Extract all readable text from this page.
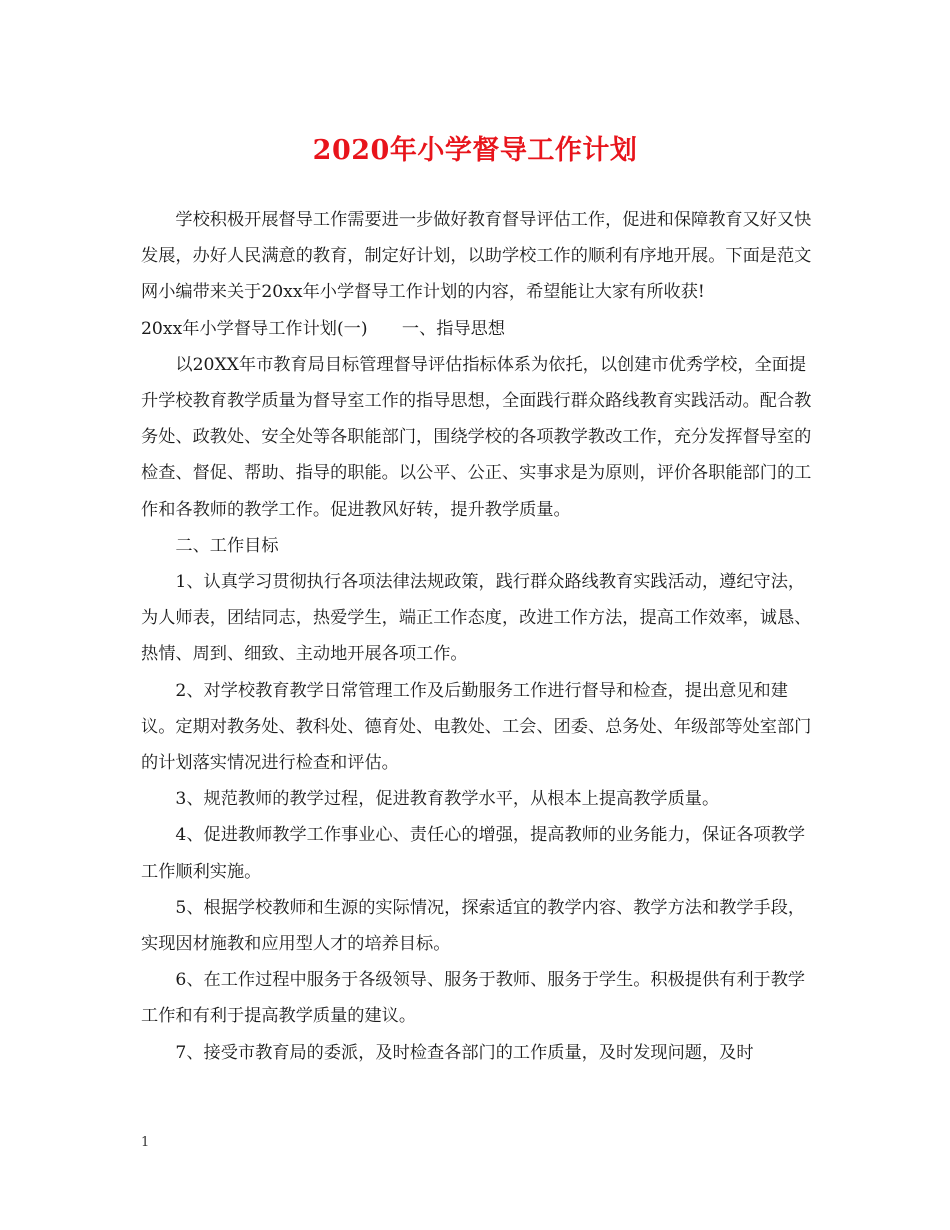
2020年小学督导工作计划

学校积极开展督导工作需要进一步做好教育督导评估工作，促进和保障教育又好又快发展，办好人民满意的教育，制定好计划，以助学校工作的顺利有序地开展。下面是范文网小编带来关于20xx年小学督导工作计划的内容，希望能让大家有所收获!

20xx年小学督导工作计划(一)　　一、指导思想

以20XX年市教育局目标管理督导评估指标体系为依托，以创建市优秀学校，全面提升学校教育教学质量为督导室工作的指导思想，全面践行群众路线教育实践活动。配合教务处、政教处、安全处等各职能部门，围绕学校的各项教学教改工作，充分发挥督导室的检查、督促、帮助、指导的职能。以公平、公正、实事求是为原则，评价各职能部门的工作和各教师的教学工作。促进教风好转，提升教学质量。

二、工作目标

1、认真学习贯彻执行各项法律法规政策，践行群众路线教育实践活动，遵纪守法，为人师表，团结同志，热爱学生，端正工作态度，改进工作方法，提高工作效率，诚恳、热情、周到、细致、主动地开展各项工作。

2、对学校教育教学日常管理工作及后勤服务工作进行督导和检查，提出意见和建议。定期对教务处、教科处、德育处、电教处、工会、团委、总务处、年级部等处室部门的计划落实情况进行检查和评估。

3、规范教师的教学过程，促进教育教学水平，从根本上提高教学质量。

4、促进教师教学工作事业心、责任心的增强，提高教师的业务能力，保证各项教学工作顺利实施。

5、根据学校教师和生源的实际情况，探索适宜的教学内容、教学方法和教学手段，实现因材施教和应用型人才的培养目标。

6、在工作过程中服务于各级领导、服务于教师、服务于学生。积极提供有利于教学工作和有利于提高教学质量的建议。

7、接受市教育局的委派，及时检查各部门的工作质量，及时发现问题，及时

1
